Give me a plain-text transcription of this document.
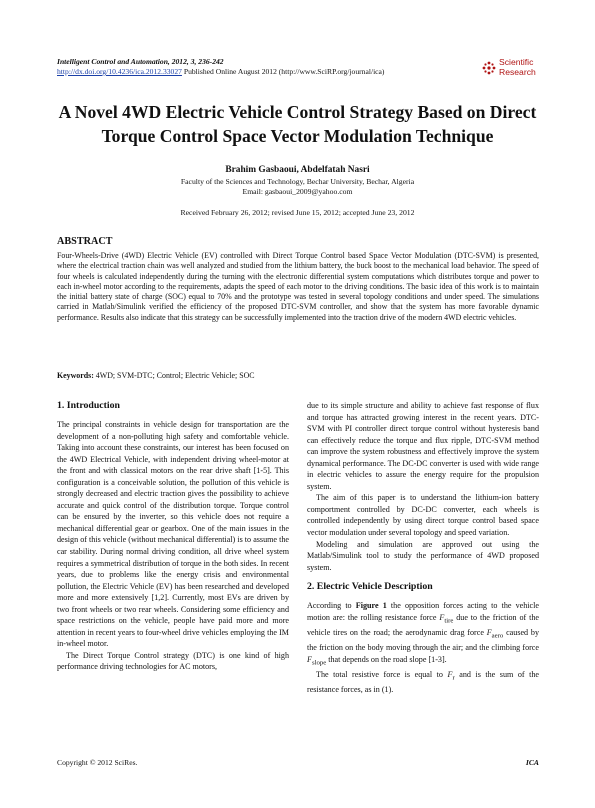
Intelligent Control and Automation, 2012, 3, 236-242
http://dx.doi.org/10.4236/ica.2012.33027 Published Online August 2012 (http://www.SciRP.org/journal/ica)
Scientific
Research
A Novel 4WD Electric Vehicle Control Strategy Based on Direct Torque Control Space Vector Modulation Technique
Brahim Gasbaoui, Abdelfatah Nasri
Faculty of the Sciences and Technology, Bechar University, Bechar, Algeria
Email: gasbaoui_2009@yahoo.com
Received February 26, 2012; revised June 15, 2012; accepted June 23, 2012
ABSTRACT

Four-Wheels-Drive (4WD) Electric Vehicle (EV) controlled with Direct Torque Control based Space Vector Modulation (DTC-SVM) is presented, where the electrical traction chain was well analyzed and studied from the lithium battery, the buck boost to the mechanical load behavior. The speed of four wheels is calculated independently during the turning with the electronic differential system computations which distributes torque and power to each in-wheel motor according to the requirements, adapts the speed of each motor to the driving conditions. The basic idea of this work is to maintain the initial battery state of charge (SOC) equal to 70% and the prototype was tested in several topology conditions and under speed. The simulations carried in Matlab/Simulink verified the efficiency of the proposed DTC-SVM controller, and show that the system has more favorable dynamic performance. Results also indicate that this strategy can be successfully implemented into the traction drive of the modern 4WD electric vehicles.

Keywords: 4WD; SVM-DTC; Control; Electric Vehicle; SOC
1. Introduction

The principal constraints in vehicle design for transportation are the development of a non-polluting high safety and comfortable vehicle. Taking into account these constraints, our interest has been focused on the 4WD Electrical Vehicle, with independent driving wheel-motor at the front and with classical motors on the rear drive shaft [1-5]. This configuration is a conceivable solution, the pollution of this vehicle is strongly decreased and electric traction gives the possibility to achieve accurate and quick control of the distribution torque. Torque control can be ensured by the inverter, so this vehicle does not require a mechanical differential gear or gearbox. One of the main issues in the design of this vehicle (without mechanical differential) is to assume the car stability. During normal driving condition, all drive wheel system requires a symmetrical distribution of torque in the both sides. In recent years, due to problems like the energy crisis and environmental pollution, the Electric Vehicle (EV) has been researched and developed more and more extensively [1,2]. Currently, most EVs are driven by two front wheels or two rear wheels. Considering some efficiency and space restrictions on the vehicle, people have paid more and more attention in recent years to four-wheel drive vehicles employing the IM in-wheel motor.

The Direct Torque Control strategy (DTC) is one kind of high performance driving technologies for AC motors,

due to its simple structure and ability to achieve fast response of flux and torque has attracted growing interest in the recent years. DTC-SVM with PI controller direct torque control without hysteresis band can effectively reduce the torque and flux ripple, DTC-SVM method can improve the system robustness and effectively improve the system dynamical performance. The DC-DC converter is used with wide range in electric vehicles to assure the energy require for the propulsion system.

The aim of this paper is to understand the lithium-ion battery comportment controlled by DC-DC converter, each wheels is controlled independently by using direct torque control based space vector modulation under several topology and speed variation.

Modeling and simulation are approved out using the Matlab/Simulink tool to study the performance of 4WD proposed system.

2. Electric Vehicle Description

According to Figure 1 the opposition forces acting to the vehicle motion are: the rolling resistance force $F_{tire}$ due to the friction of the vehicle tires on the road; the aerodynamic drag force $F_{aero}$ caused by the friction on the body moving through the air; and the climbing force $F_{slope}$ that depends on the road slope [1-3].

The total resistive force is equal to $F_r$ and is the sum of the resistance forces, as in (1).

Copyright © 2012 SciRes.	ICA
